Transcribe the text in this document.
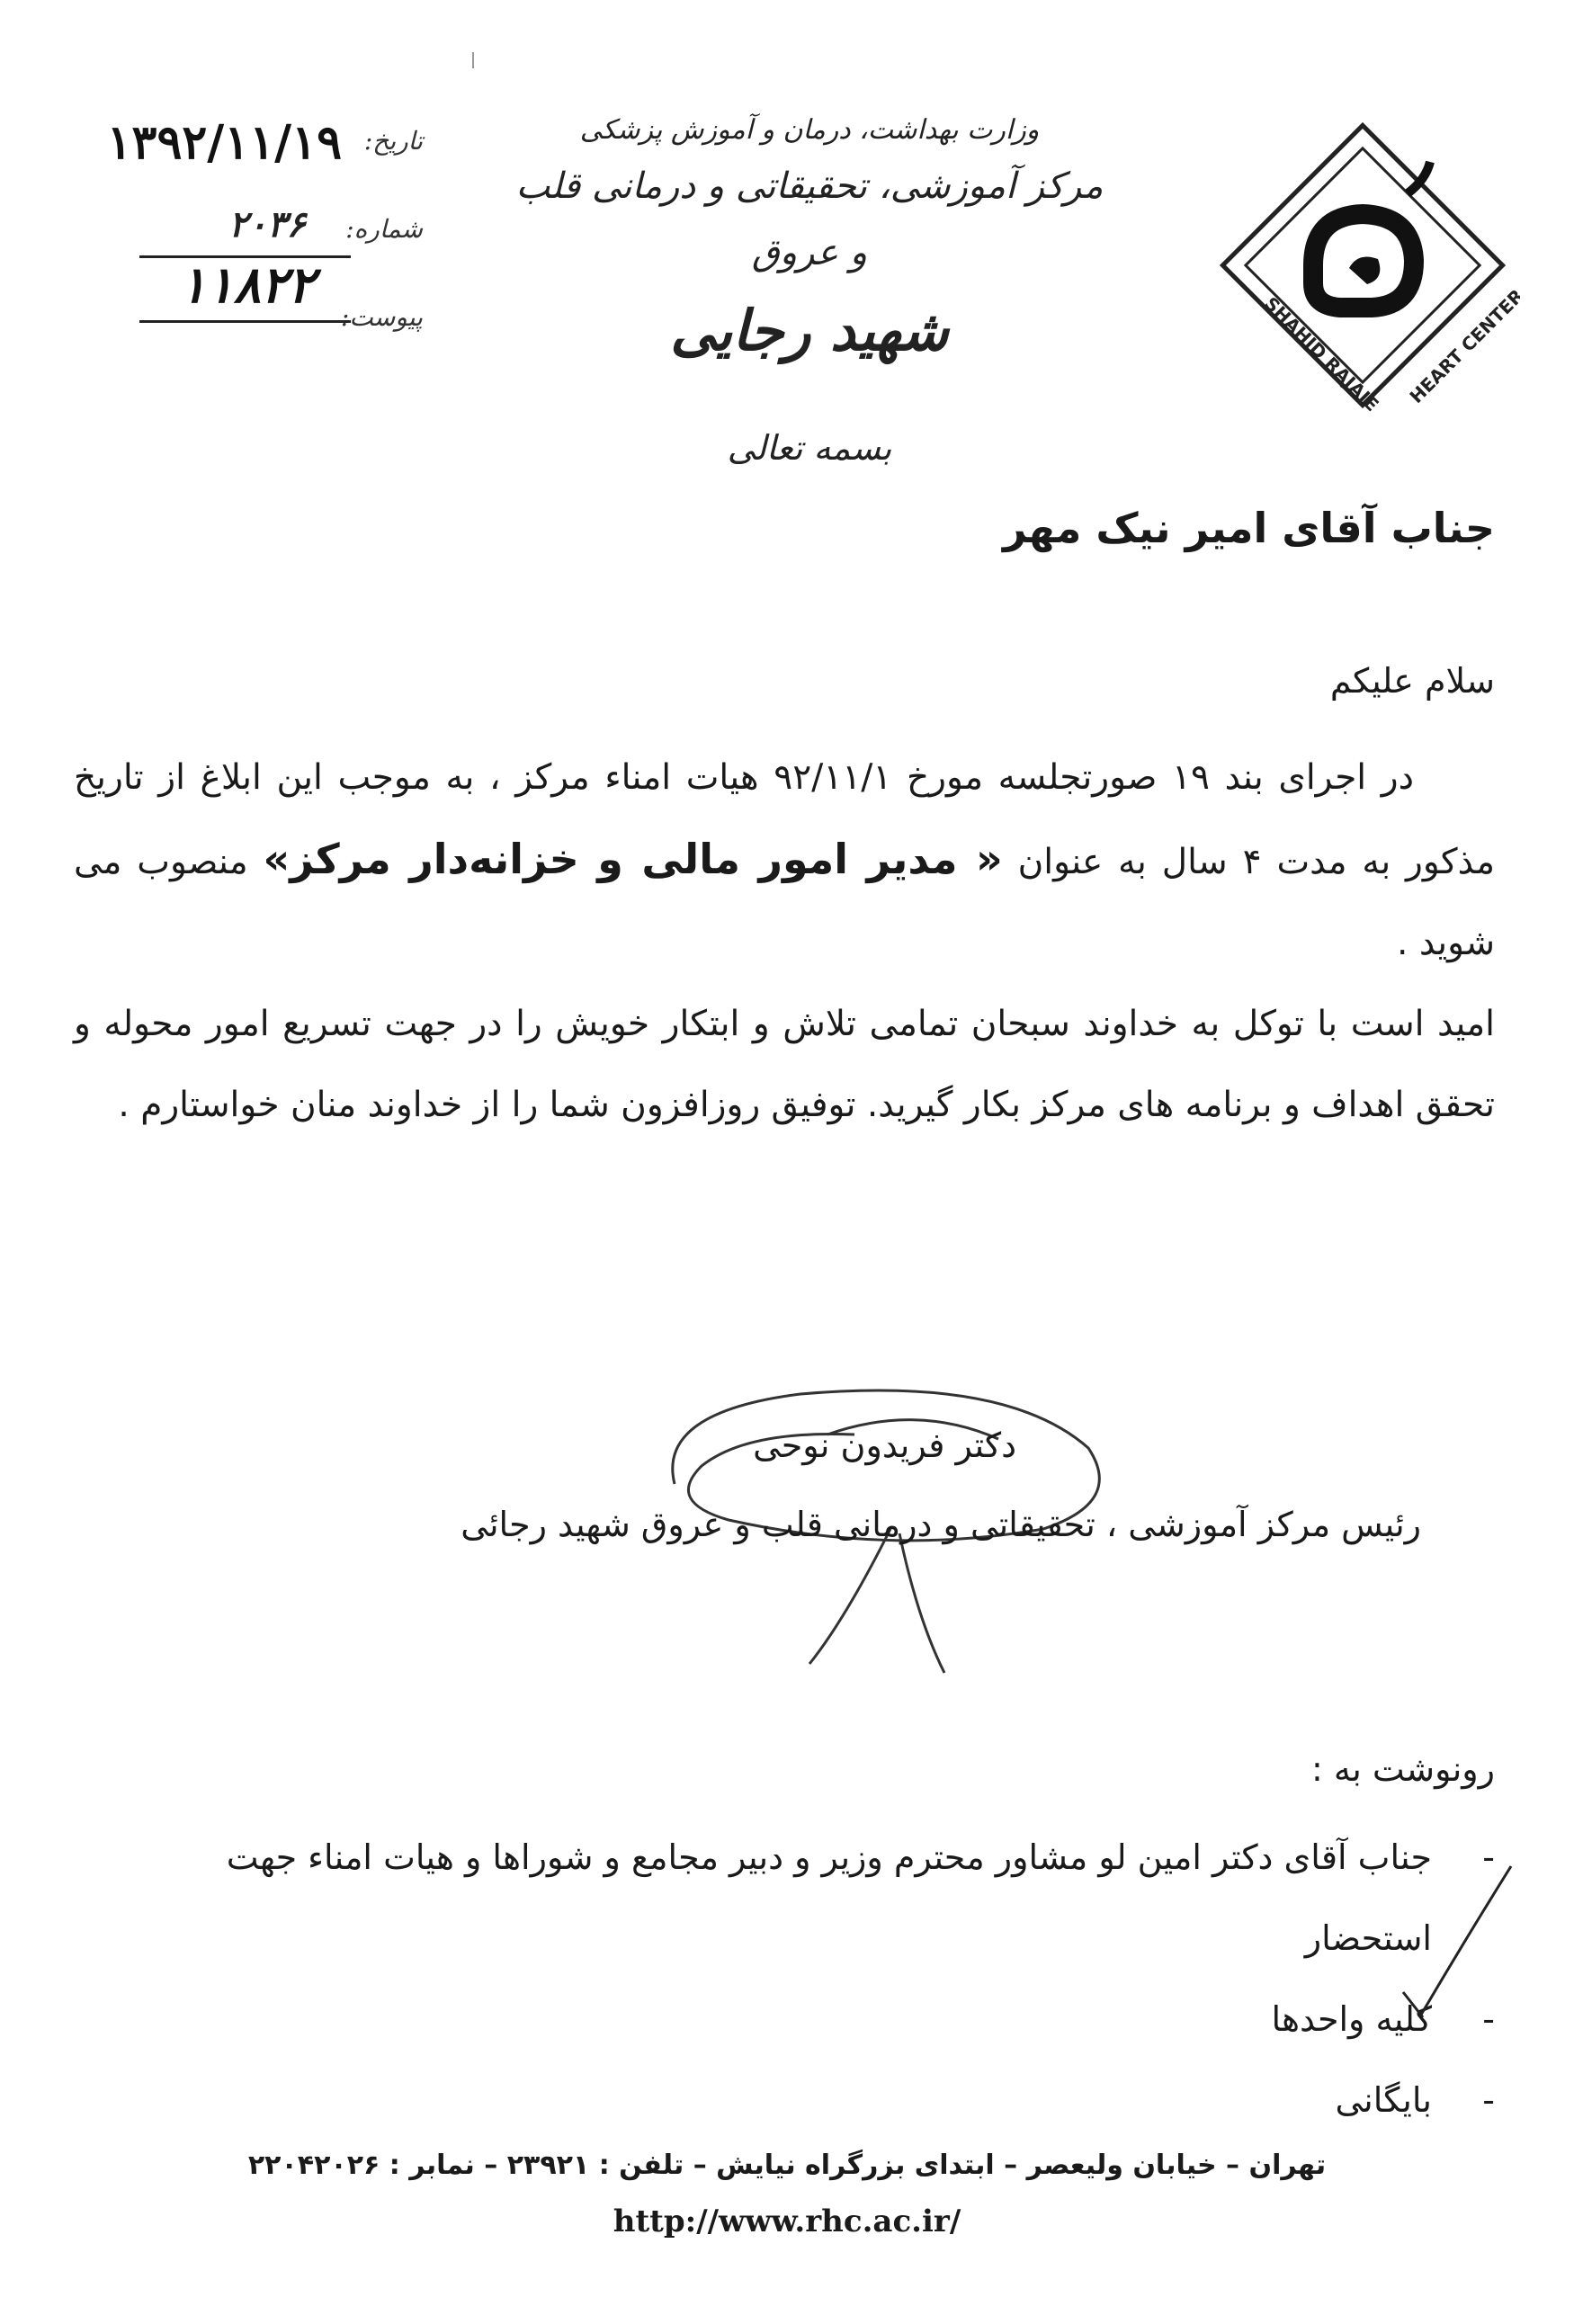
SHAHID RAJAIE HEART CENTER
وزارت بهداشت، درمان و آموزش پزشکی
مرکز آموزشی، تحقیقاتی و درمانی قلب و عروق
شهید رجایی
بسمه تعالی
تاریخ:
۱۳۹۲/۱۱/۱۹
شماره:
۲۰۳۶
۱۱۸۲۲
پیوست:
جناب آقای امیر نیک مهر
سلام علیکم

در اجرای بند ۱۹ صورتجلسه مورخ ۹۲/۱۱/۱ هیات امناء مرکز ، به موجب این ابلاغ از تاریخ مذکور به مدت ۴ سال به عنوان « مدیر امور مالی و خزانه‌دار مرکز» منصوب می شوید .

امید است با توکل به خداوند سبحان تمامی تلاش و ابتکار خویش را در جهت تسریع امور محوله و تحقق اهداف و برنامه های مرکز بکار گیرید. توفیق روزافزون شما را از خداوند منان خواستارم .

دکتر فریدون نوحی
رئیس مرکز آموزشی ، تحقیقاتی و درمانی قلب و عروق شهید رجائی
رونوشت به :
-
جناب آقای دکتر امین لو مشاور محترم وزیر و دبیر مجامع و شوراها و هیات امناء جهت استحضار
-
کلیه واحدها
-
بایگانی
تهران – خیابان ولیعصر – ابتدای بزرگراه نیایش – تلفن : ۲۳۹۲۱ – نمابر : ۲۲۰۴۲۰۲۶
http://www.rhc.ac.ir/
